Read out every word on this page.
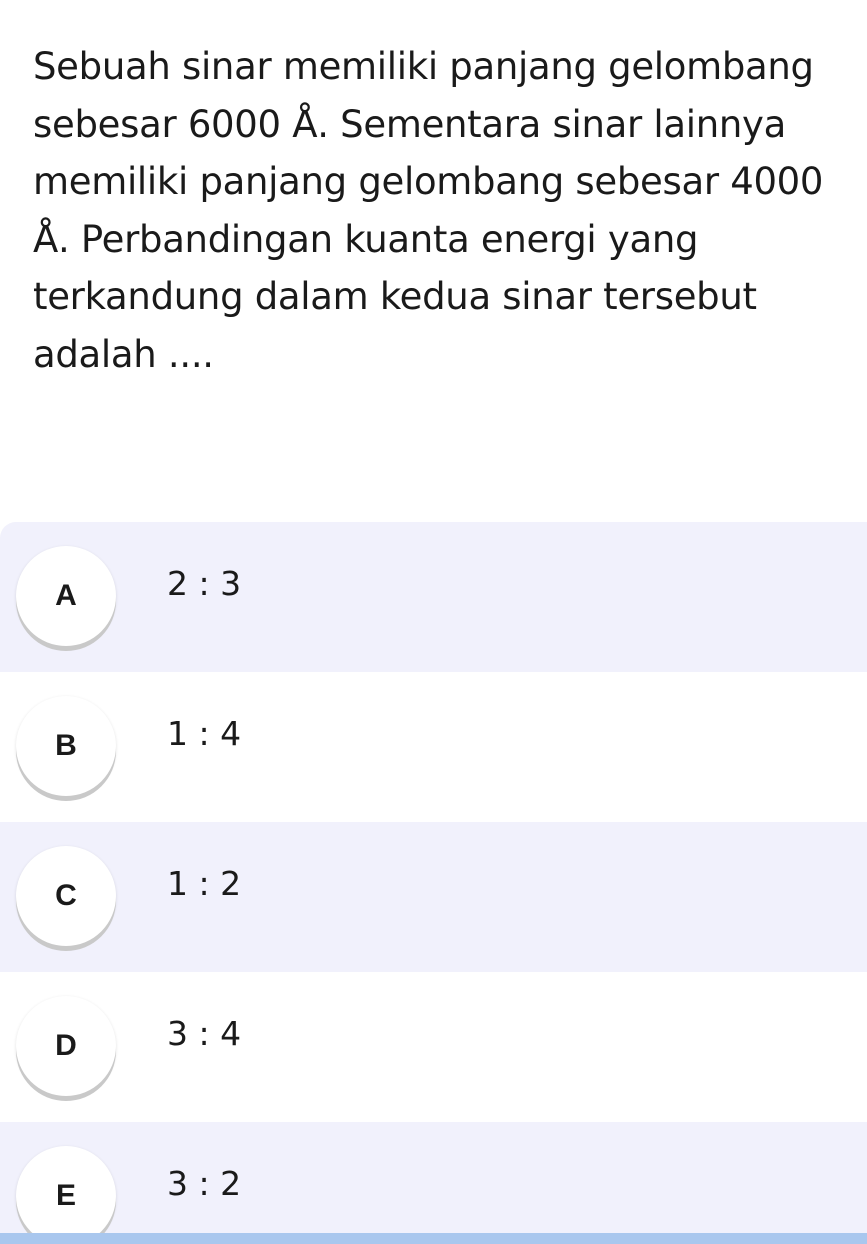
Sebuah sinar memiliki panjang gelombang sebesar 6000 Å. Sementara sinar lainnya memiliki panjang gelombang sebesar 4000 Å. Perbandingan kuanta energi yang terkandung dalam kedua sinar tersebut adalah ....

A	2 : 3
B	1 : 4
C	1 : 2
D	3 : 4
E	3 : 2
